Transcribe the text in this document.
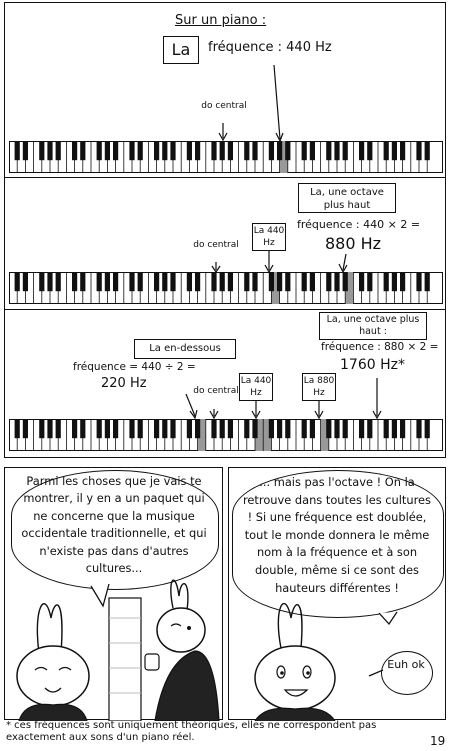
Sur un piano :
La	fréquence : 440 Hz
do central
La, une octave plus haut
La 440 Hz
fréquence : 440 × 2 =
880 Hz
do central
La en-dessous
fréquence = 440 ÷ 2 =
220 Hz	La 440 Hz
La 880 Hz
La, une octave plus haut :
fréquence : 880 × 2 =
1760 Hz*
do central
Parmi les choses que je vais te montrer, il y en a un paquet qui ne concerne que la musique occidentale traditionnelle, et qui n'existe pas dans d'autres cultures...
... mais pas l'octave ! On la retrouve dans toutes les cultures ! Si une fréquence est doublée, tout le monde donnera le même nom à la fréquence et à son double, même si ce sont des hauteurs différentes !
Euh ok
* ces fréquences sont uniquement théoriques, elles ne correspondent pas exactement aux sons d'un piano réel.	19
